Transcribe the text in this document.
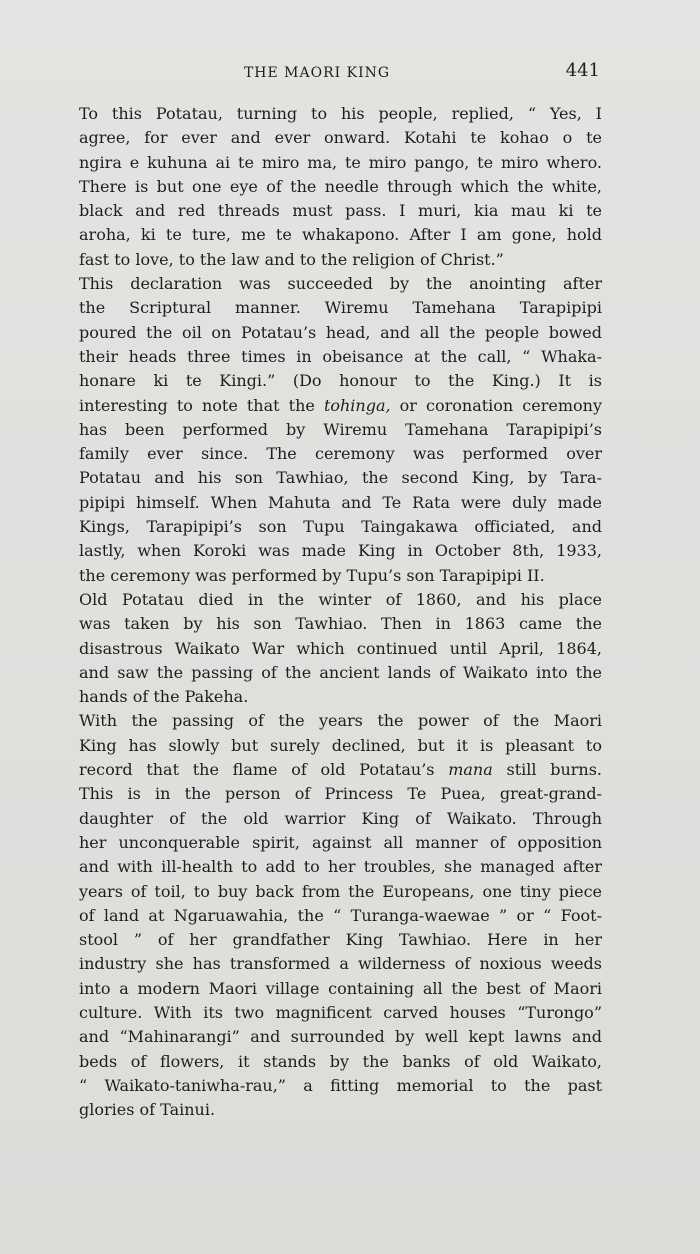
THE MAORI KING	441

To this Potatau, turning to his people, replied, “ Yes, I
agree, for ever and ever onward. Kotahi te kohao o te
ngira e kuhuna ai te miro ma, te miro pango, te miro whero.
There is but one eye of the needle through which the white,
black and red threads must pass. I muri, kia mau ki te
aroha, ki te ture, me te whakapono. After I am gone, hold
fast to love, to the law and to the religion of Christ.”

This declaration was succeeded by the anointing after
the Scriptural manner. Wiremu Tamehana Tarapipipi
poured the oil on Potatau’s head, and all the people bowed
their heads three times in obeisance at the call, “ Whaka-
honare ki te Kingi.” (Do honour to the King.) It is
interesting to note that the tohinga, or coronation ceremony
has been performed by Wiremu Tamehana Tarapipipi’s
family ever since. The ceremony was performed over
Potatau and his son Tawhiao, the second King, by Tara-
pipipi himself. When Mahuta and Te Rata were duly made
Kings, Tarapipipi’s son Tupu Taingakawa officiated, and
lastly, when Koroki was made King in October 8th, 1933,
the ceremony was performed by Tupu’s son Tarapipipi II.

Old Potatau died in the winter of 1860, and his place
was taken by his son Tawhiao. Then in 1863 came the
disastrous Waikato War which continued until April, 1864,
and saw the passing of the ancient lands of Waikato into the
hands of the Pakeha.

With the passing of the years the power of the Maori
King has slowly but surely declined, but it is pleasant to
record that the flame of old Potatau’s mana still burns.
This is in the person of Princess Te Puea, great-grand-
daughter of the old warrior King of Waikato. Through
her unconquerable spirit, against all manner of opposition
and with ill-health to add to her troubles, she managed after
years of toil, to buy back from the Europeans, one tiny piece
of land at Ngaruawahia, the “ Turanga-waewae ” or “ Foot-
stool ” of her grandfather King Tawhiao. Here in her
industry she has transformed a wilderness of noxious weeds
into a modern Maori village containing all the best of Maori
culture. With its two magnificent carved houses “Turongo”
and “Mahinarangi” and surrounded by well kept lawns and
beds of flowers, it stands by the banks of old Waikato,
“ Waikato-taniwha-rau,” a fitting memorial to the past
glories of Tainui.
